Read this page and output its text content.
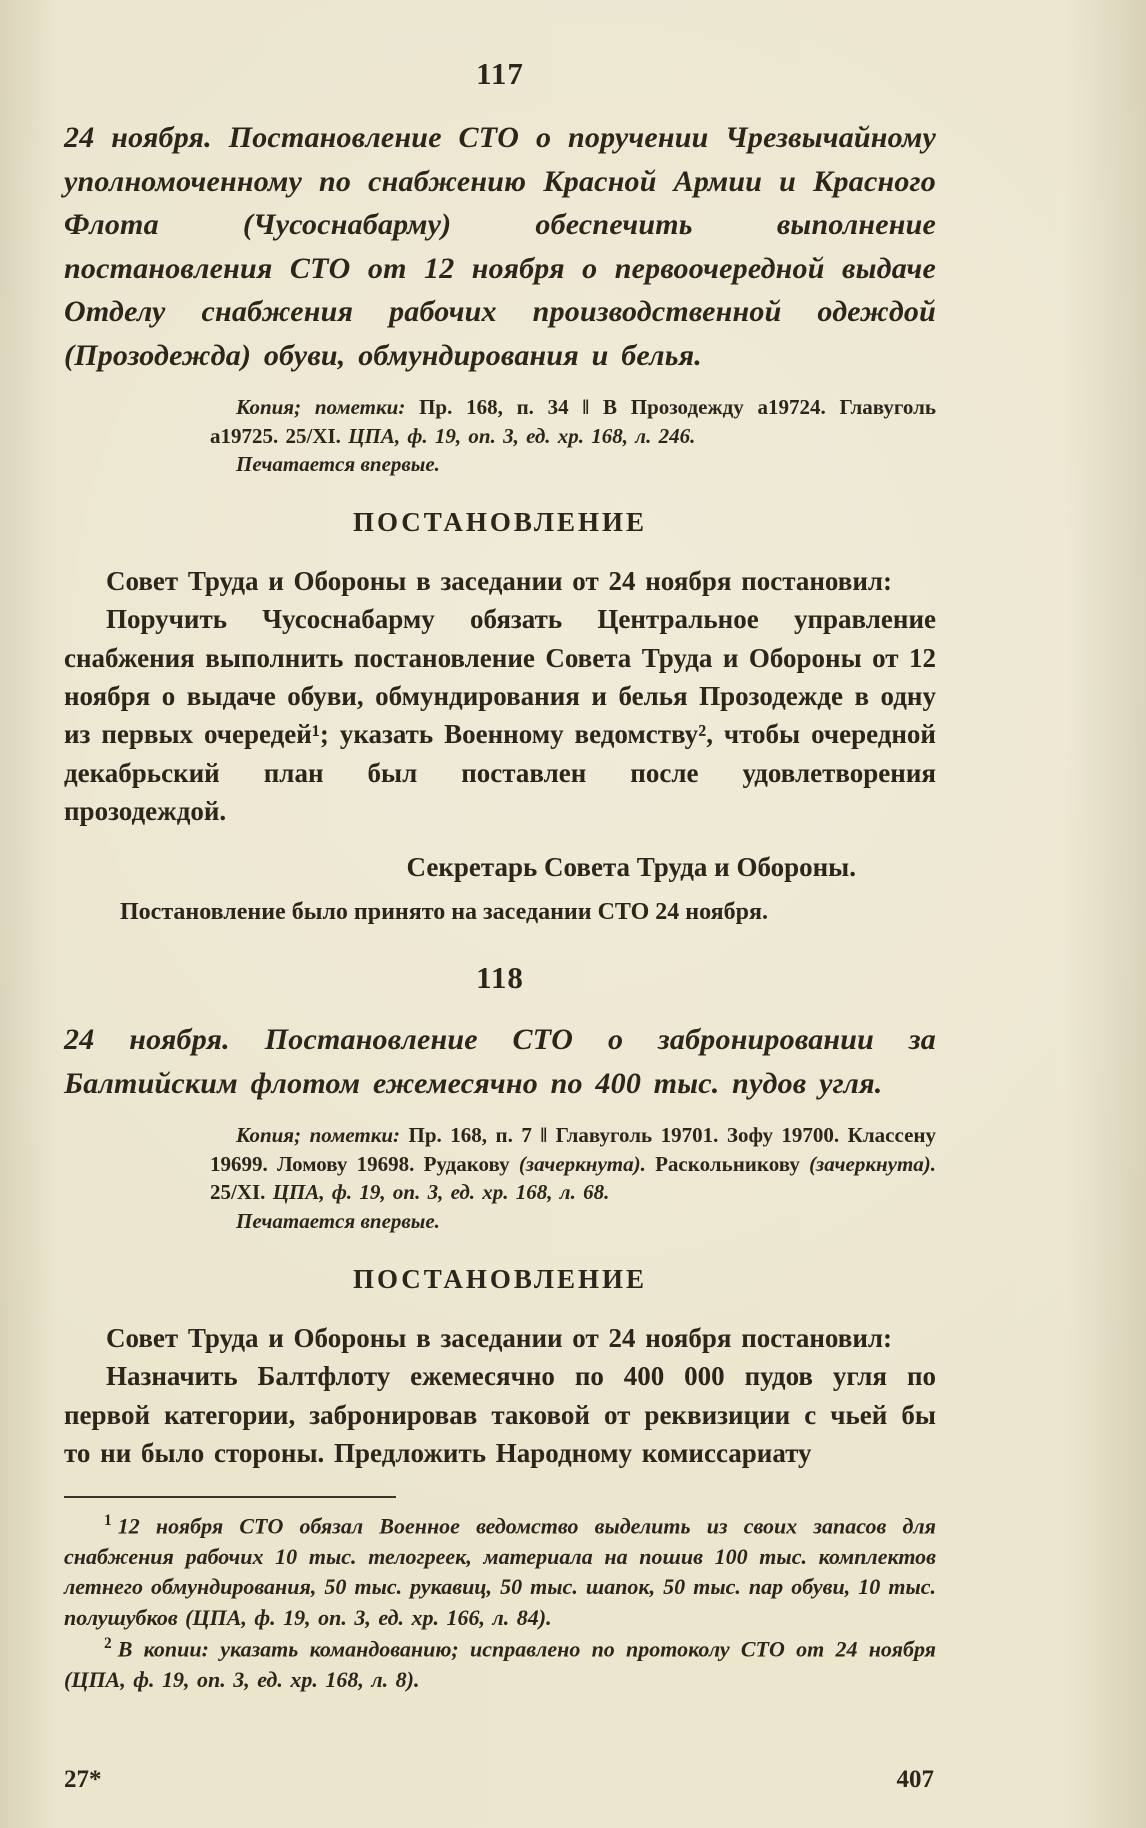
117

24 ноября. Постановление СТО о поручении Чрезвычайному уполномоченному по снабжению Красной Армии и Красного Флота (Чусоснабарму) обеспечить выполнение постановления СТО от 12 ноября о первоочередной выдаче Отделу снабжения рабочих производственной одеждой (Прозодежда) обуви, обмундирования и белья.

Копия; пометки: Пр. 168, п. 34 ‖ В Прозодежду а19724. Главуголь а19725. 25/XI. ЦПА, ф. 19, оп. 3, ед. хр. 168, л. 246.

Печатается впервые.

ПОСТАНОВЛЕНИЕ

Совет Труда и Обороны в заседании от 24 ноября постановил:

Поручить Чусоснабарму обязать Центральное управление снабжения выполнить постановление Совета Труда и Обороны от 12 ноября о выдаче обуви, обмундирования и белья Прозодежде в одну из первых очередей¹; указать Военному ведомству², чтобы очередной декабрьский план был поставлен после удовлетворения прозодеждой.

Секретарь Совета Труда и Обороны.

Постановление было принято на заседании СТО 24 ноября.

118

24 ноября. Постановление СТО о забронировании за Балтийским флотом ежемесячно по 400 тыс. пудов угля.

Копия; пометки: Пр. 168, п. 7 ‖ Главуголь 19701. Зофу 19700. Классену 19699. Ломову 19698. Рудакову (зачеркнута). Раскольникову (зачеркнута). 25/XI. ЦПА, ф. 19, оп. 3, ед. хр. 168, л. 68.

Печатается впервые.

ПОСТАНОВЛЕНИЕ

Совет Труда и Обороны в заседании от 24 ноября постановил:

Назначить Балтфлоту ежемесячно по 400 000 пудов угля по первой категории, забронировав таковой от реквизиции с чьей бы то ни было стороны. Предложить Народному комиссариату

$^1$ 12 ноября СТО обязал Военное ведомство выделить из своих запасов для снабжения рабочих 10 тыс. телогреек, материала на пошив 100 тыс. комплектов летнего обмундирования, 50 тыс. рукавиц, 50 тыс. шапок, 50 тыс. пар обуви, 10 тыс. полушубков (ЦПА, ф. 19, оп. 3, ед. хр. 166, л. 84).

$^2$ В копии: указать командованию; исправлено по протоколу СТО от 24 ноября (ЦПА, ф. 19, оп. 3, ед. хр. 168, л. 8).

27*	407
